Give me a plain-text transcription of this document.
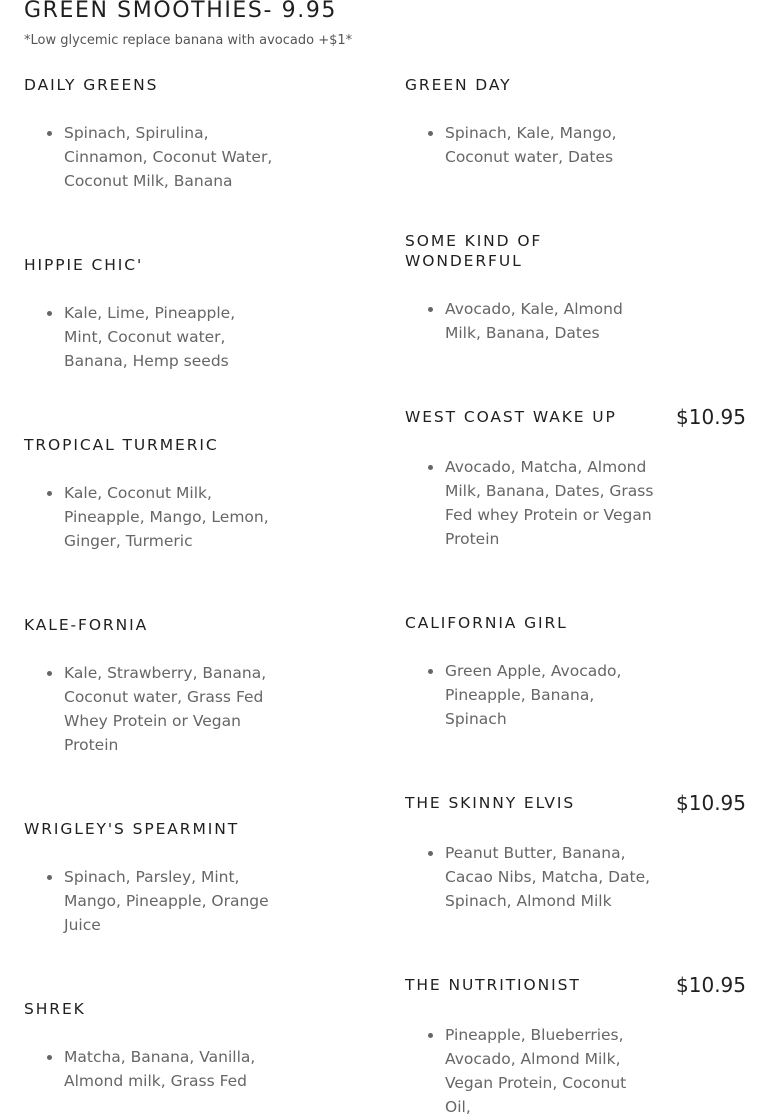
GREEN SMOOTHIES- 9.95

*Low glycemic replace banana with avocado +$1*

DAILY GREENS
Spinach, Spirulina, Cinnamon, Coconut Water, Coconut Milk, Banana
HIPPIE CHIC'
Kale, Lime, Pineapple, Mint, Coconut water, Banana, Hemp seeds
TROPICAL TURMERIC
Kale, Coconut Milk, Pineapple, Mango, Lemon, Ginger, Turmeric
KALE-FORNIA
Kale, Strawberry, Banana, Coconut water, Grass Fed Whey Protein or Vegan Protein
WRIGLEY'S SPEARMINT
Spinach, Parsley, Mint, Mango, Pineapple, Orange Juice
SHREK
Matcha, Banana, Vanilla, Almond milk, Grass Fed
GREEN DAY
Spinach, Kale, Mango, Coconut water, Dates
SOME KIND OF WONDERFUL
Avocado, Kale, Almond Milk, Banana, Dates
WEST COAST WAKE UP
Avocado, Matcha, Almond Milk, Banana, Dates, Grass Fed whey Protein or Vegan Protein

$10.95

CALIFORNIA GIRL
Green Apple, Avocado, Pineapple, Banana, Spinach
THE SKINNY ELVIS
Peanut Butter, Banana, Cacao Nibs, Matcha, Date, Spinach, Almond Milk

$10.95

THE NUTRITIONIST
Pineapple, Blueberries, Avocado, Almond Milk, Vegan Protein, Coconut Oil,

$10.95
